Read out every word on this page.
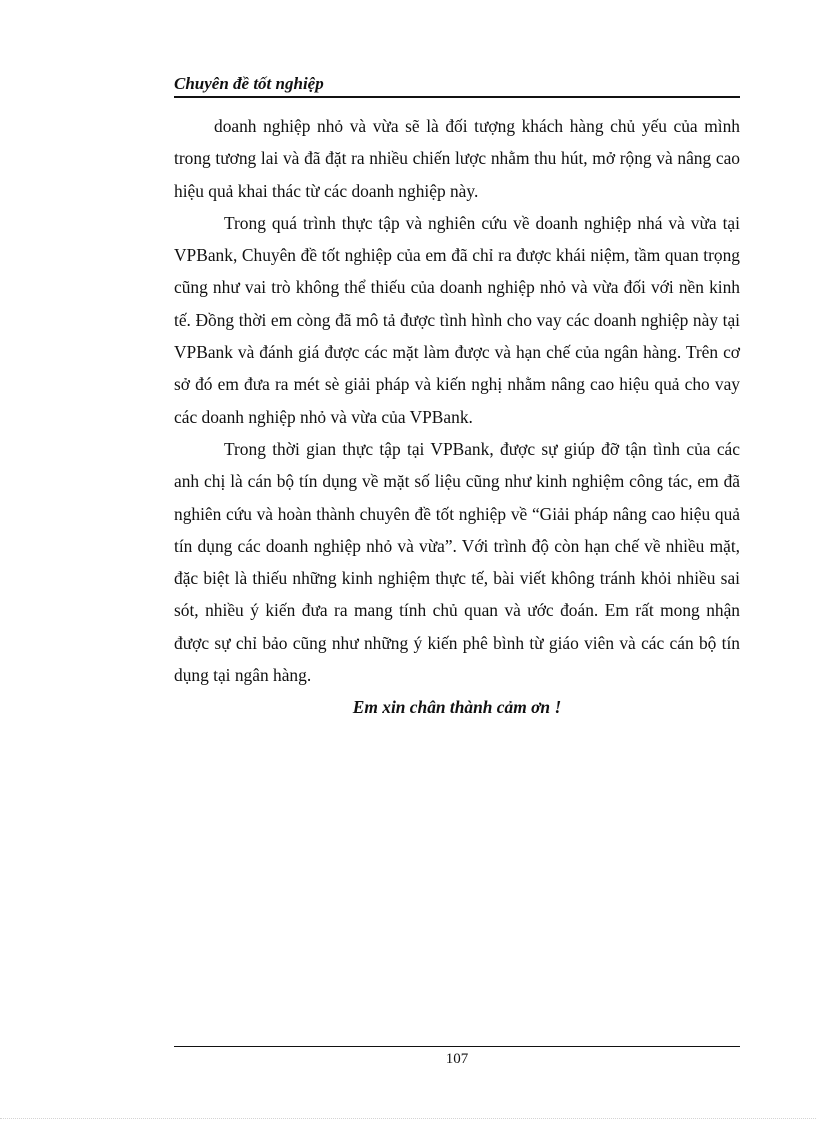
Chuyên đề tốt nghiệp

doanh nghiệp nhỏ và vừa sẽ là đối tượng khách hàng chủ yếu của mình trong tương lai và đã đặt ra nhiều chiến lược nhằm thu hút, mở rộng và nâng cao hiệu quả khai thác từ các doanh nghiệp này.

Trong quá trình thực tập và nghiên cứu về doanh nghiệp nhá và vừa tại VPBank, Chuyên đề tốt nghiệp của em đã chỉ ra được khái niệm, tầm quan trọng cũng như vai trò không thể thiếu của doanh nghiệp nhỏ và vừa đối với nền kinh tế. Đồng thời em còng đã mô tả được tình hình cho vay các doanh nghiệp này tại VPBank và đánh giá được các mặt làm được và hạn chế của ngân hàng. Trên cơ sở đó em đưa ra mét sè giải pháp và kiến nghị nhằm nâng cao hiệu quả cho vay các doanh nghiệp nhỏ và vừa của VPBank.

Trong thời gian thực tập tại VPBank, được sự giúp đỡ tận tình của các anh chị là cán bộ tín dụng về mặt số liệu cũng như kinh nghiệm công tác, em đã nghiên cứu và hoàn thành chuyên đề tốt nghiệp về “Giải pháp nâng cao hiệu quả tín dụng các doanh nghiệp nhỏ và vừa”. Với trình độ còn hạn chế về nhiều mặt, đặc biệt là thiếu những kinh nghiệm thực tế, bài viết không tránh khỏi nhiều sai sót, nhiều ý kiến đưa ra mang tính chủ quan và ước đoán. Em rất mong nhận được sự chỉ bảo cũng như những ý kiến phê bình từ giáo viên và các cán bộ tín dụng tại ngân hàng.

Em xin chân thành cảm ơn !

107
